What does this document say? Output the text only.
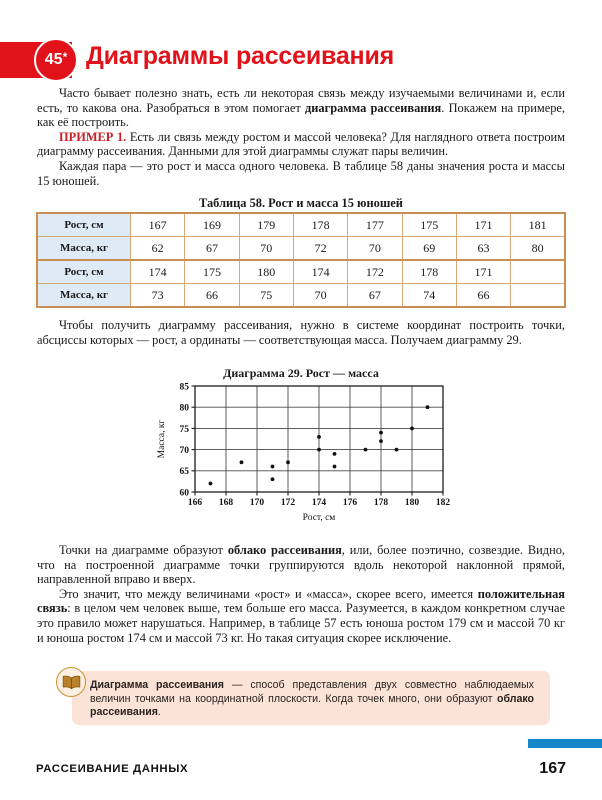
45* Диаграммы рассеивания

Часто бывает полезно знать, есть ли некоторая связь между изучаемыми величинами и, если есть, то какова она. Разобраться в этом помогает диаграмма рассеивания. Покажем на примере, как её построить.

ПРИМЕР 1. Есть ли связь между ростом и массой человека? Для наглядного ответа построим диаграмму рассеивания. Данными для этой диаграммы служат пары величин.

Каждая пара — это рост и масса одного человека. В таблице 58 даны значения роста и массы 15 юношей.

Таблица 58. Рост и масса 15 юношей
Рост, см	167	169	179	178	177	175	171	181
Масса, кг	62	67	70	72	70	69	63	80
Рост, см	174	175	180	174	172	178	171	
Масса, кг	73	66	75	70	67	74	66	

Чтобы получить диаграмму рассеивания, нужно в системе координат построить точки, абсциссы которых — рост, а ординаты — соответствующая масса. Получаем диаграмму 29.

Диаграмма 29. Рост — масса
166 168 170 172 174 176 178 180 182
60
65
70
75
80
85
Рост, см
Масса, кг

Точки на диаграмме образуют облако рассеивания, или, более поэтично, созвездие. Видно, что на построенной диаграмме точки группируются вдоль некоторой наклонной прямой, направленной вправо и вверх.

Это значит, что между величинами «рост» и «масса», скорее всего, имеется положительная связь: в целом чем человек выше, тем больше его масса. Разумеется, в каждом конкретном случае это правило может нарушаться. Например, в таблице 57 есть юноша ростом 179 см и массой 70 кг и юноша ростом 174 см и массой 73 кг. Но такая ситуация скорее исключение.

Диаграмма рассеивания — способ представления двух совместно наблюдаемых величин точками на координатной плоскости. Когда точек много, они образуют облако рассеивания.
РАССЕИВАНИЕ ДАННЫХ	167
